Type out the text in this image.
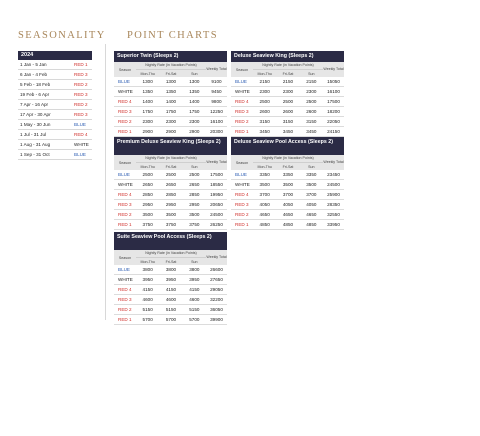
SEASONALITY POINT CHARTS
2024
1 Jan - 5 Jan	RED 1
6 Jan - 4 Feb	RED 3
5 Feb - 18 Feb	RED 2
19 Feb - 6 Apr	RED 3
7 Apr - 16 Apr	RED 2
17 Apr - 30 Apr	RED 3
1 May - 30 Jun	BLUE
1 Jul - 31 Jul	RED 4
1 Aug - 31 Aug	WHITE
1 Sep - 31 Oct	BLUE
Superior Twin (Sleeps 2)
Season
Nightly Rate (in Vacation Points)
Mon-Thu	Fri-Sat	Sun
Weekly Total
BLUE	1300	1300	1300	9100
WHITE	1350	1350	1350	9450
RED 4	1400	1400	1400	9800
RED 3	1750	1750	1750	12250
RED 2	2300	2300	2300	16100
RED 1	2900	2900	2900	20300
Deluxe Seaview King (Sleeps 2)
Season
Nightly Rate (in Vacation Points)
Mon-Thu	Fri-Sat	Sun
Weekly Total
BLUE	2150	2150	2150	15050
WHITE	2300	2300	2300	16100
RED 4	2500	2500	2500	17500
RED 3	2600	2600	2600	18200
RED 2	3150	3150	3150	22050
RED 1	3450	3450	3450	24150
Premium Deluxe Seaview King (Sleeps 2)
Season
Nightly Rate (in Vacation Points)
Mon-Thu	Fri-Sat	Sun
Weekly Total
BLUE	2500	2500	2500	17500
WHITE	2650	2650	2650	18550
RED 4	2850	2850	2850	19950
RED 3	2950	2950	2950	20650
RED 2	3500	3500	3500	24500
RED 1	3750	3750	3750	26250
Deluxe Seaview Pool Access (Sleeps 2)
Season
Nightly Rate (in Vacation Points)
Mon-Thu	Fri-Sat	Sun
Weekly Total
BLUE	3350	3350	3350	23450
WHITE	3500	3500	3500	24500
RED 4	3700	3700	3700	25900
RED 3	4050	4050	4050	28350
RED 2	4650	4650	4650	32550
RED 1	4850	4850	4850	33950
Suite Seaview Pool Access (Sleeps 2)
Season
Nightly Rate (in Vacation Points)
Mon-Thu	Fri-Sat	Sun
Weekly Total
BLUE	3800	3800	3800	26600
WHITE	3950	3950	3950	27650
RED 4	4150	4150	4150	29050
RED 3	4600	4600	4600	32200
RED 2	5150	5150	5150	36050
RED 1	5700	5700	5700	39900
